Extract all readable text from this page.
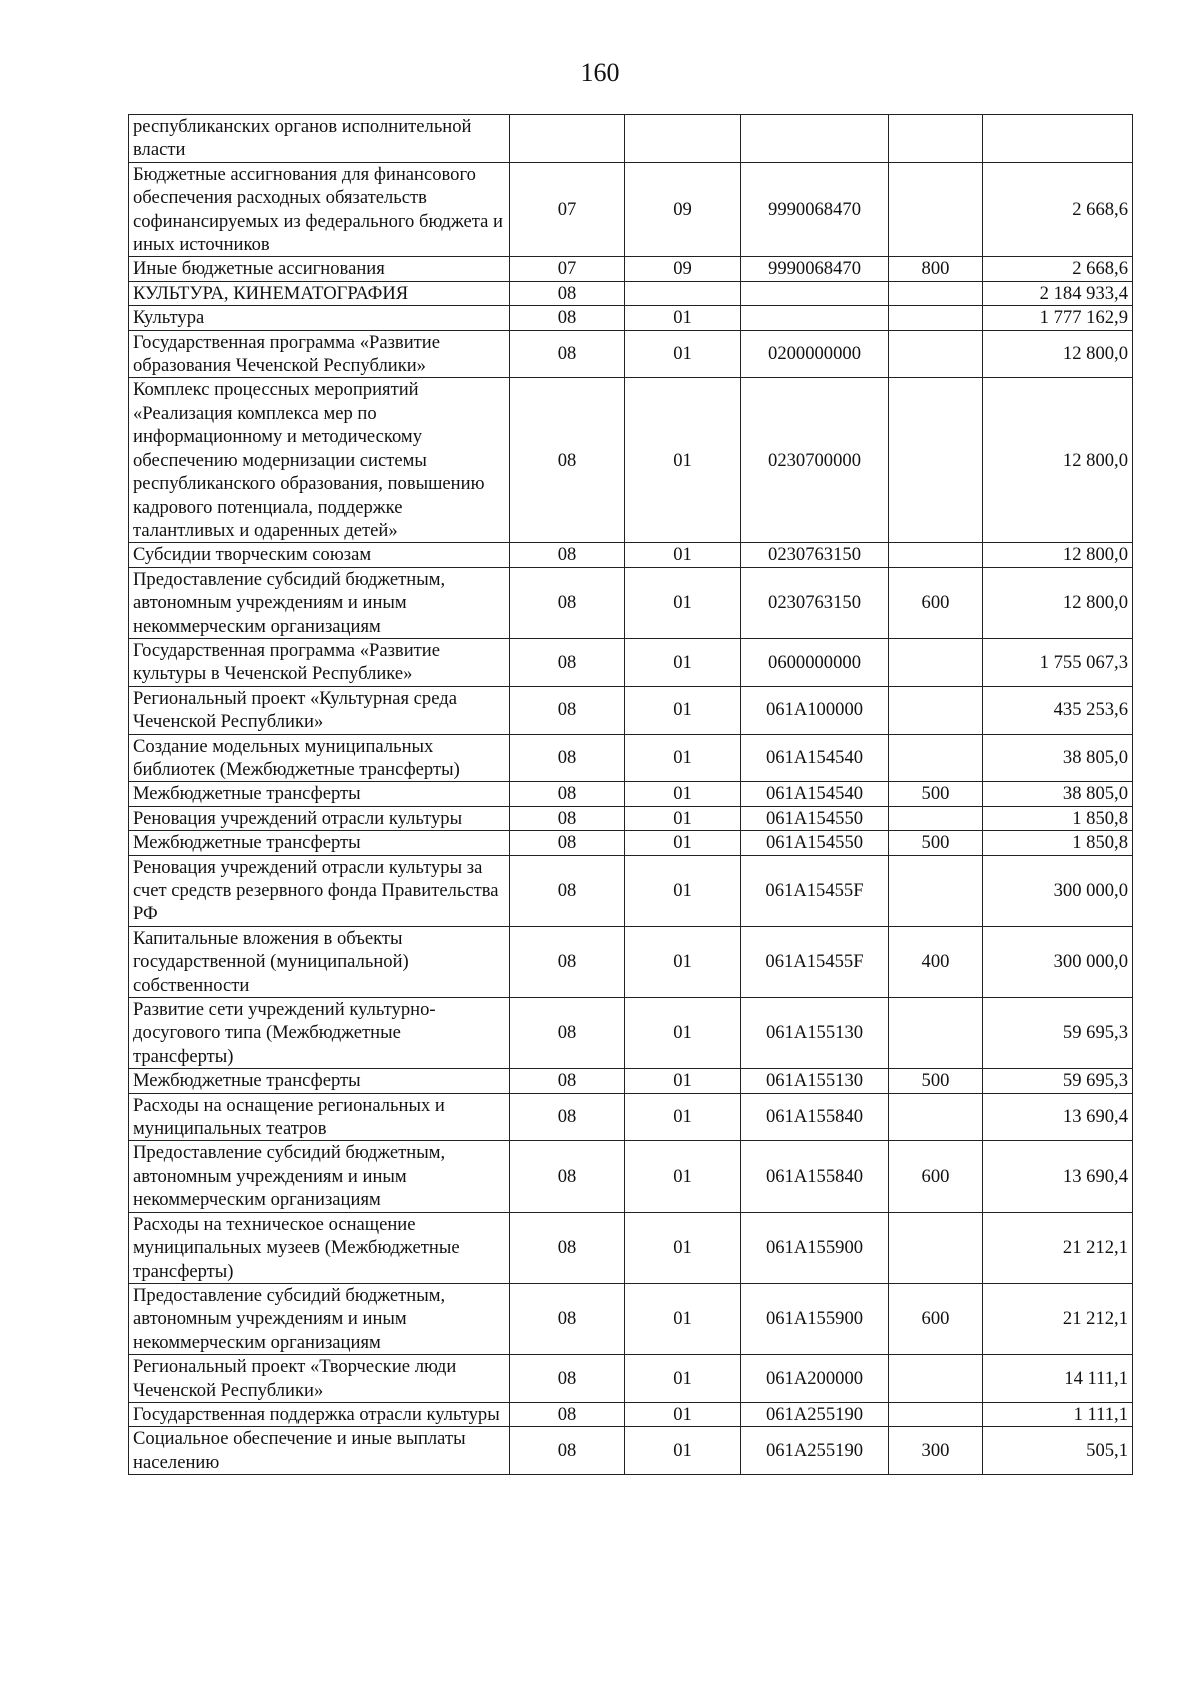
160
республиканских органов исполнительной власти					
Бюджетные ассигнования для финансового обеспечения расходных обязательств софинансируемых из федерального бюджета и иных источников	07	09	9990068470		2 668,6
Иные бюджетные ассигнования	07	09	9990068470	800	2 668,6
КУЛЬТУРА, КИНЕМАТОГРАФИЯ	08				2 184 933,4
Культура	08	01			1 777 162,9
Государственная программа «Развитие образования Чеченской Республики»	08	01	0200000000		12 800,0
Комплекс процессных мероприятий «Реализация комплекса мер по информационному и методическому обеспечению модернизации системы республиканского образования, повышению кадрового потенциала, поддержке талантливых и одаренных детей»	08	01	0230700000		12 800,0
Субсидии творческим союзам	08	01	0230763150		12 800,0
Предоставление субсидий бюджетным, автономным учреждениям и иным некоммерческим организациям	08	01	0230763150	600	12 800,0
Государственная программа «Развитие культуры в Чеченской Республике»	08	01	0600000000		1 755 067,3
Региональный проект «Культурная среда Чеченской Республики»	08	01	061A100000		435 253,6
Создание модельных муниципальных библиотек (Межбюджетные трансферты)	08	01	061A154540		38 805,0
Межбюджетные трансферты	08	01	061A154540	500	38 805,0
Реновация учреждений отрасли культуры	08	01	061A154550		1 850,8
Межбюджетные трансферты	08	01	061A154550	500	1 850,8
Реновация учреждений отрасли культуры за счет средств резервного фонда Правительства РФ	08	01	061A15455F		300 000,0
Капитальные вложения в объекты государственной (муниципальной) собственности	08	01	061A15455F	400	300 000,0
Развитие сети учреждений культурно-досугового типа (Межбюджетные трансферты)	08	01	061A155130		59 695,3
Межбюджетные трансферты	08	01	061A155130	500	59 695,3
Расходы на оснащение региональных и муниципальных театров	08	01	061A155840		13 690,4
Предоставление субсидий бюджетным, автономным учреждениям и иным некоммерческим организациям	08	01	061A155840	600	13 690,4
Расходы на техническое оснащение муниципальных музеев (Межбюджетные трансферты)	08	01	061A155900		21 212,1
Предоставление субсидий бюджетным, автономным учреждениям и иным некоммерческим организациям	08	01	061A155900	600	21 212,1
Региональный проект «Творческие люди Чеченской Республики»	08	01	061A200000		14 111,1
Государственная поддержка отрасли культуры	08	01	061A255190		1 111,1
Социальное обеспечение и иные выплаты населению	08	01	061A255190	300	505,1
